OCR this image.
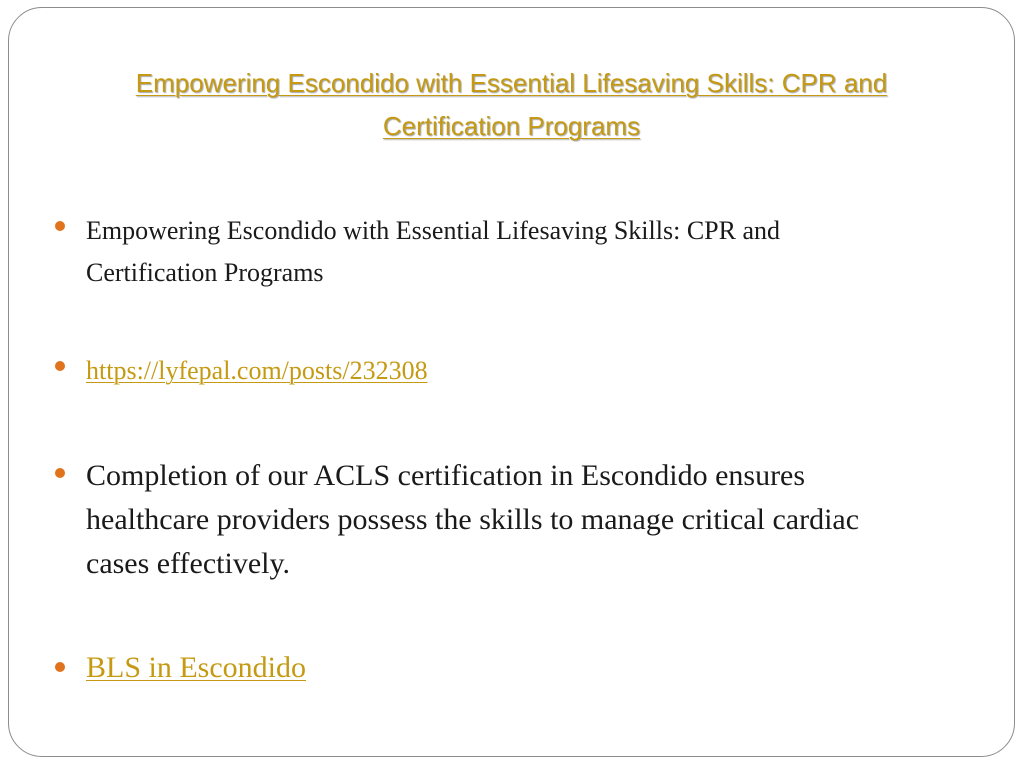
Empowering Escondido with Essential Lifesaving Skills: CPR and
Certification Programs
Empowering Escondido with Essential Lifesaving Skills: CPR and
Certification Programs
https://lyfepal.com/posts/232308
Completion of our ACLS certification in Escondido ensures
healthcare providers possess the skills to manage critical cardiac
cases effectively.
BLS in Escondido
